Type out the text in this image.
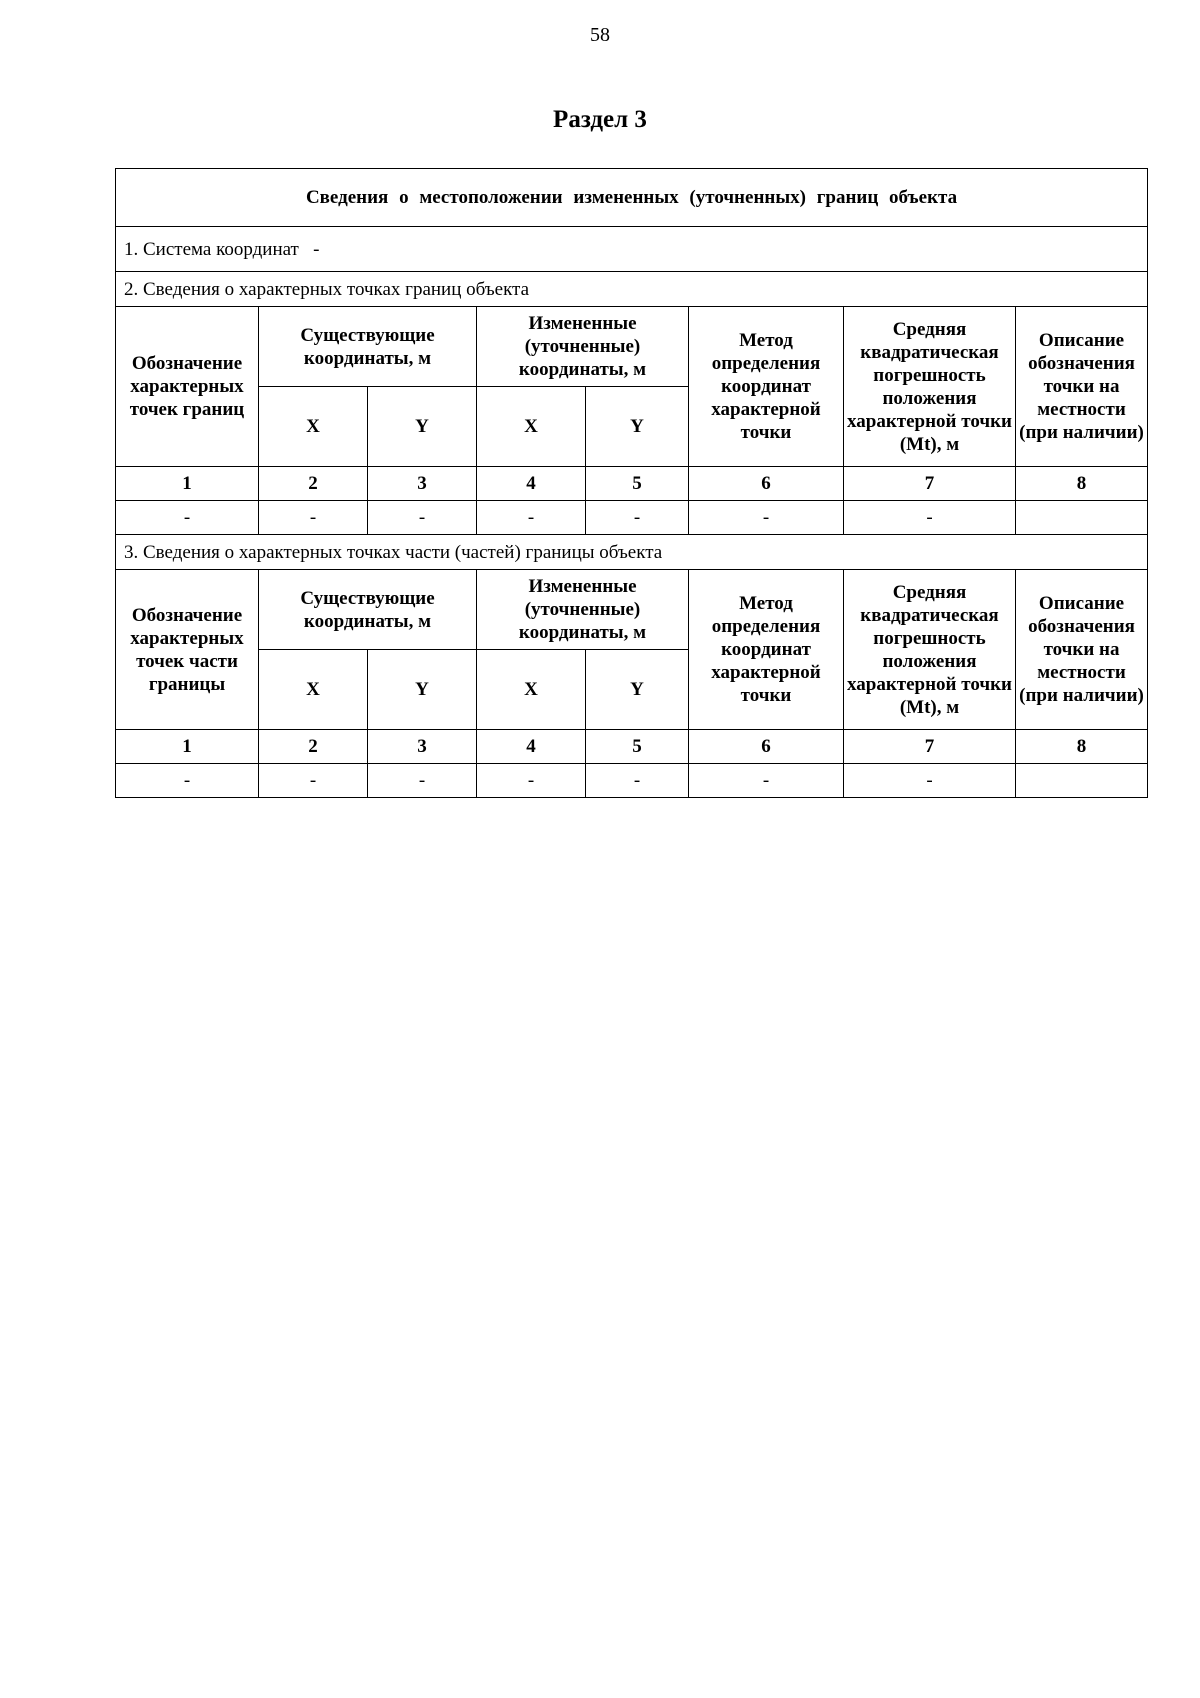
58
Раздел 3
Сведения о местоположении измененных (уточненных) границ объекта							
1. Система координат -							
2. Сведения о характерных точках границ объекта							
Обозначение характерных точек границ	Существующие координаты, м		Измененные (уточненные) координаты, м		Метод определения координат характерной точки	Средняя квадратическая погрешность положения характерной точки (Mt), м	Описание обозначения точки на местности (при наличии)
	X	Y	X	Y			
1	2	3	4	5	6	7	8
-	-	-	-	-	-	-	
3. Сведения о характерных точках части (частей) границы объекта							
Обозначение характерных точек части границы	Существующие координаты, м		Измененные (уточненные) координаты, м		Метод определения координат характерной точки	Средняя квадратическая погрешность положения характерной точки (Mt), м	Описание обозначения точки на местности (при наличии)
	X	Y	X	Y			
1	2	3	4	5	6	7	8
-	-	-	-	-	-	-	
